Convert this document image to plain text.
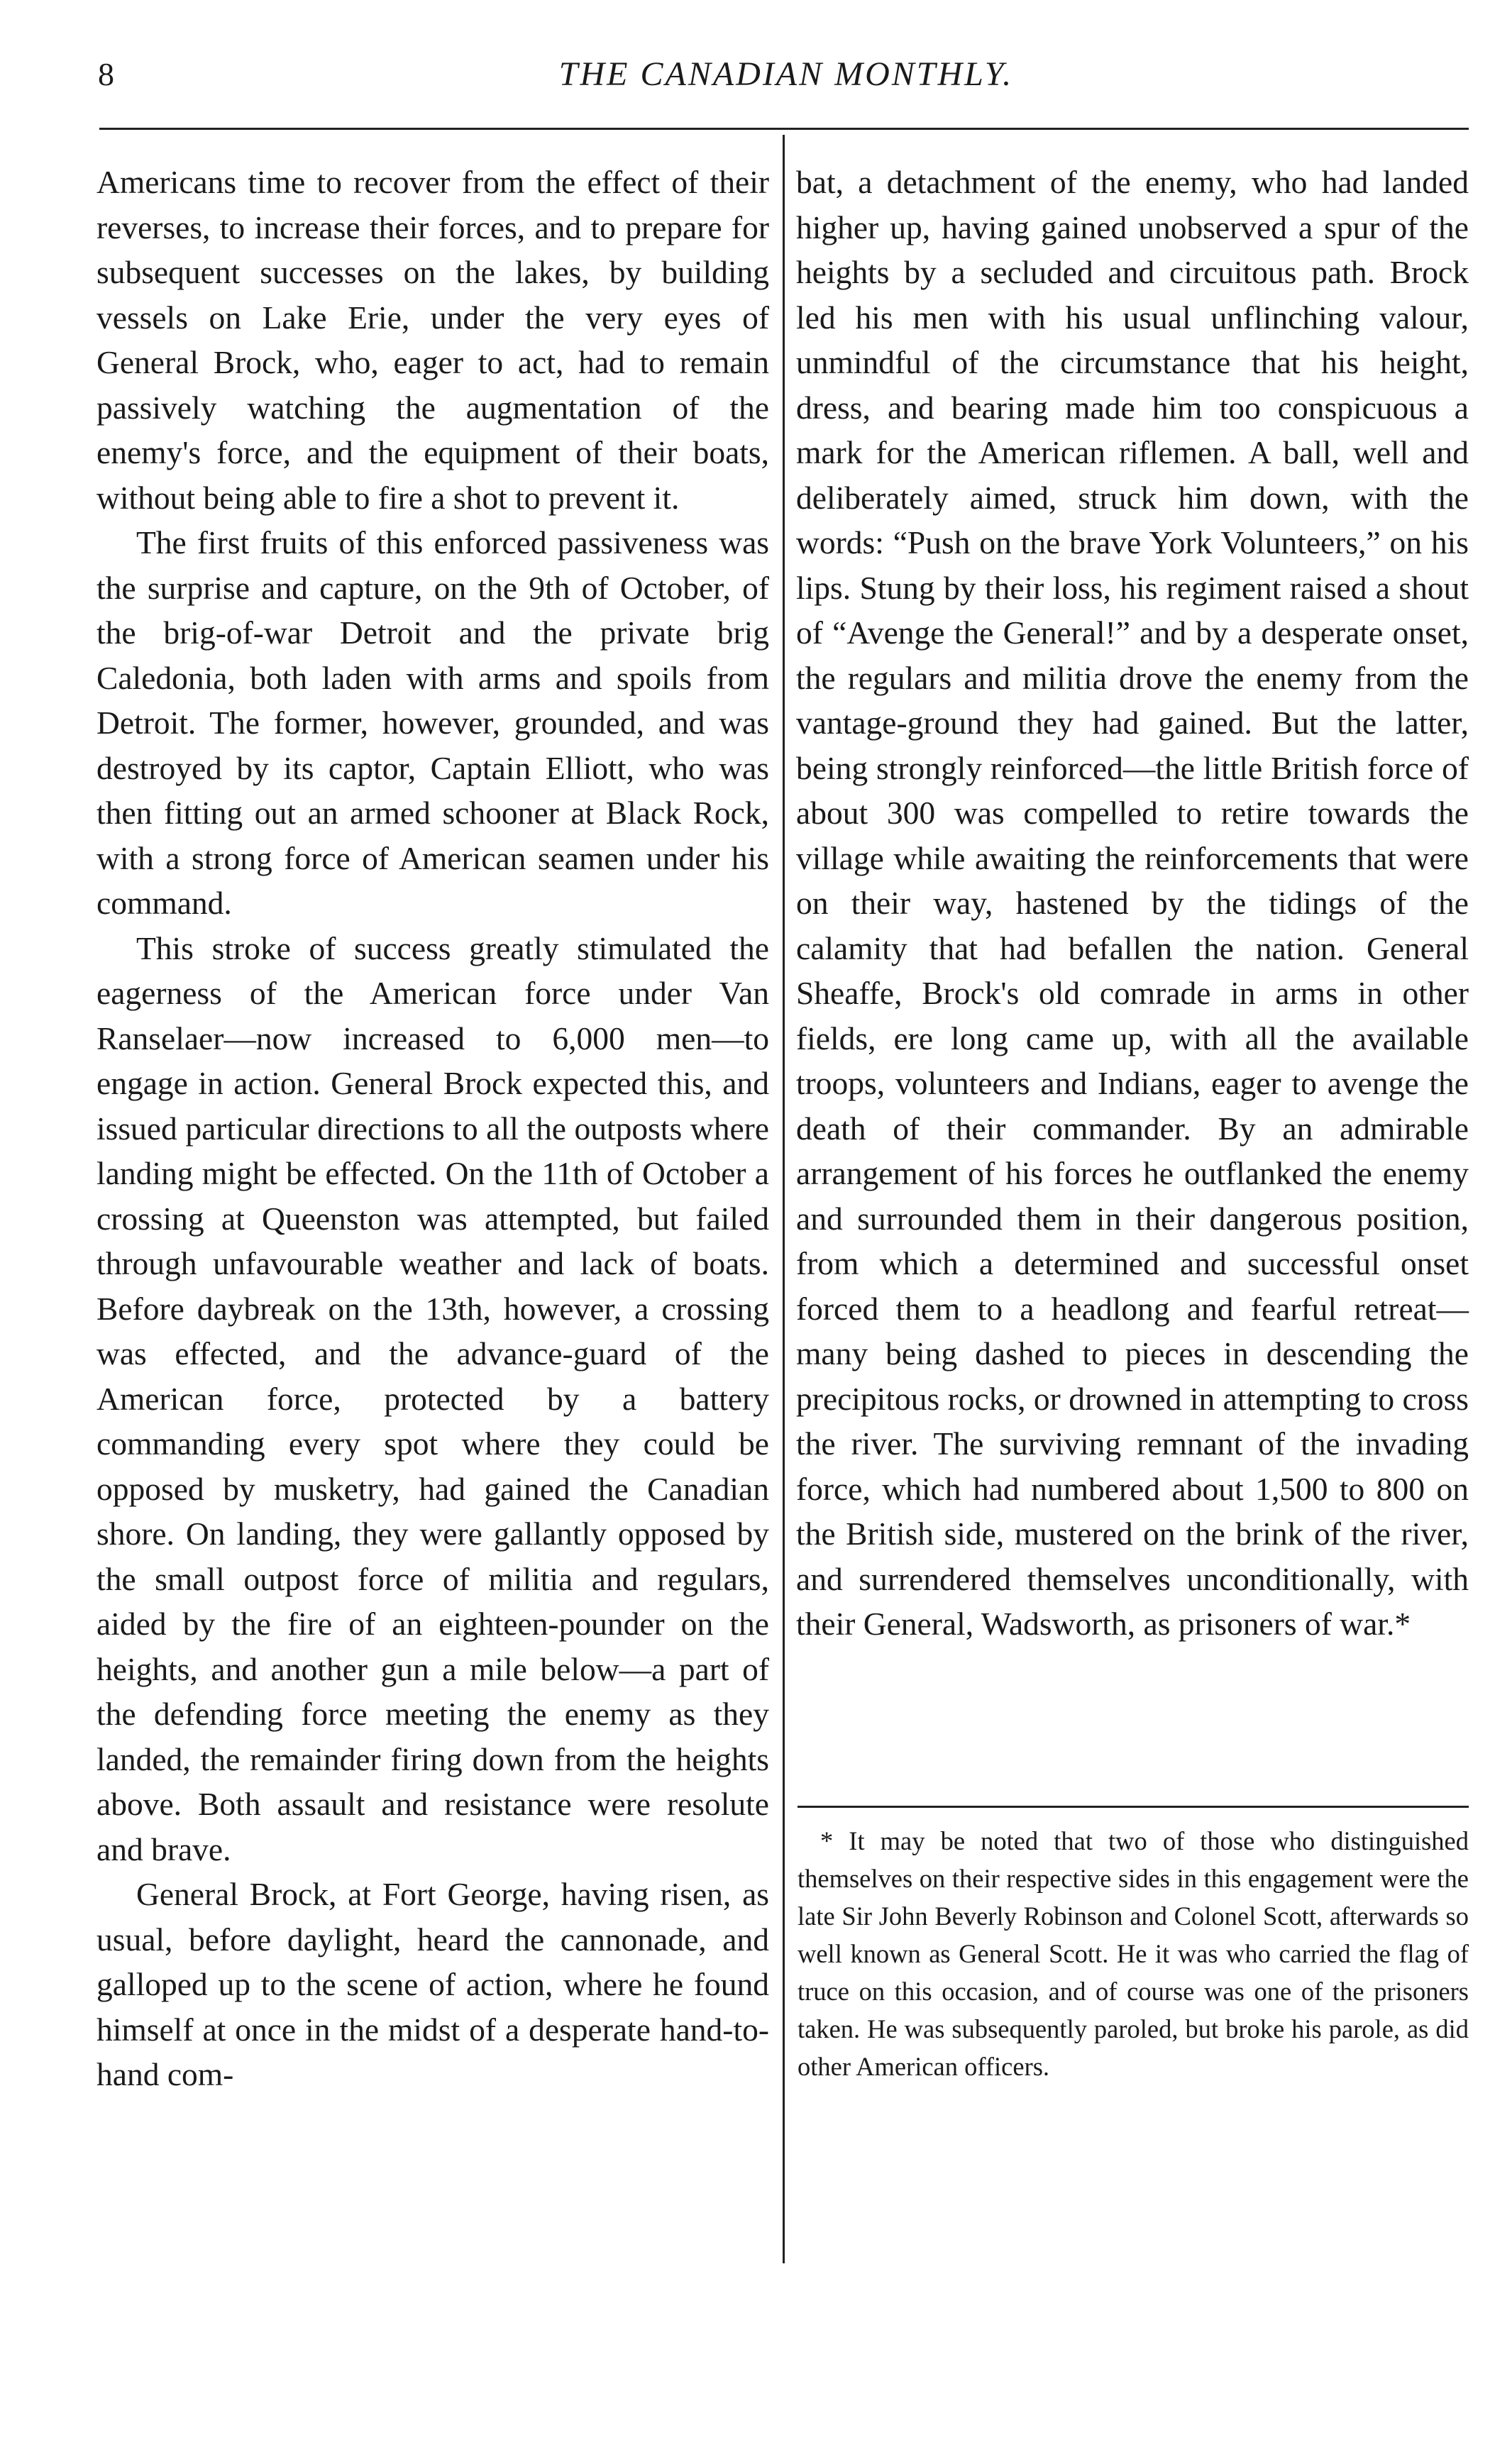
8	THE CANADIAN MONTHLY.

Americans time to recover from the effect of their reverses, to increase their forces, and to prepare for subsequent successes on the lakes, by building vessels on Lake Erie, under the very eyes of General Brock, who, eager to act, had to remain passively watching the augmentation of the enemy's force, and the equipment of their boats, without being able to fire a shot to prevent it.

The first fruits of this enforced passiveness was the surprise and capture, on the 9th of October, of the brig-of-war Detroit and the private brig Caledonia, both laden with arms and spoils from Detroit. The former, however, grounded, and was destroyed by its captor, Captain Elliott, who was then fitting out an armed schooner at Black Rock, with a strong force of American seamen under his command.

This stroke of success greatly stimulated the eagerness of the American force under Van Ranselaer—now increased to 6,000 men—to engage in action. General Brock expected this, and issued particular directions to all the outposts where landing might be effected. On the 11th of October a crossing at Queenston was attempted, but failed through unfavourable weather and lack of boats. Before daybreak on the 13th, however, a crossing was effected, and the advance-guard of the American force, protected by a battery commanding every spot where they could be opposed by musketry, had gained the Canadian shore. On landing, they were gallantly opposed by the small outpost force of militia and regulars, aided by the fire of an eighteen-pounder on the heights, and another gun a mile below—a part of the defending force meeting the enemy as they landed, the remainder firing down from the heights above. Both assault and resistance were resolute and brave.

General Brock, at Fort George, having risen, as usual, before daylight, heard the cannonade, and galloped up to the scene of action, where he found himself at once in the midst of a desperate hand-to-hand com-

bat, a detachment of the enemy, who had landed higher up, having gained unobserved a spur of the heights by a secluded and circuitous path. Brock led his men with his usual unflinching valour, unmindful of the circumstance that his height, dress, and bearing made him too conspicuous a mark for the American riflemen. A ball, well and deliberately aimed, struck him down, with the words: “Push on the brave York Volunteers,” on his lips. Stung by their loss, his regiment raised a shout of “Avenge the General!” and by a desperate onset, the regulars and militia drove the enemy from the vantage-ground they had gained. But the latter, being strongly reinforced—the little British force of about 300 was compelled to retire towards the village while awaiting the reinforcements that were on their way, hastened by the tidings of the calamity that had befallen the nation. General Sheaffe, Brock's old comrade in arms in other fields, ere long came up, with all the available troops, volunteers and Indians, eager to avenge the death of their commander. By an admirable arrangement of his forces he outflanked the enemy and surrounded them in their dangerous position, from which a determined and successful onset forced them to a headlong and fearful retreat—many being dashed to pieces in descending the precipitous rocks, or drowned in attempting to cross the river. The surviving remnant of the invading force, which had numbered about 1,500 to 800 on the British side, mustered on the brink of the river, and surrendered themselves unconditionally, with their General, Wadsworth, as prisoners of war.*

* It may be noted that two of those who distinguished themselves on their respective sides in this engagement were the late Sir John Beverly Robinson and Colonel Scott, afterwards so well known as General Scott. He it was who carried the flag of truce on this occasion, and of course was one of the prisoners taken. He was subsequently paroled, but broke his parole, as did other American officers.
